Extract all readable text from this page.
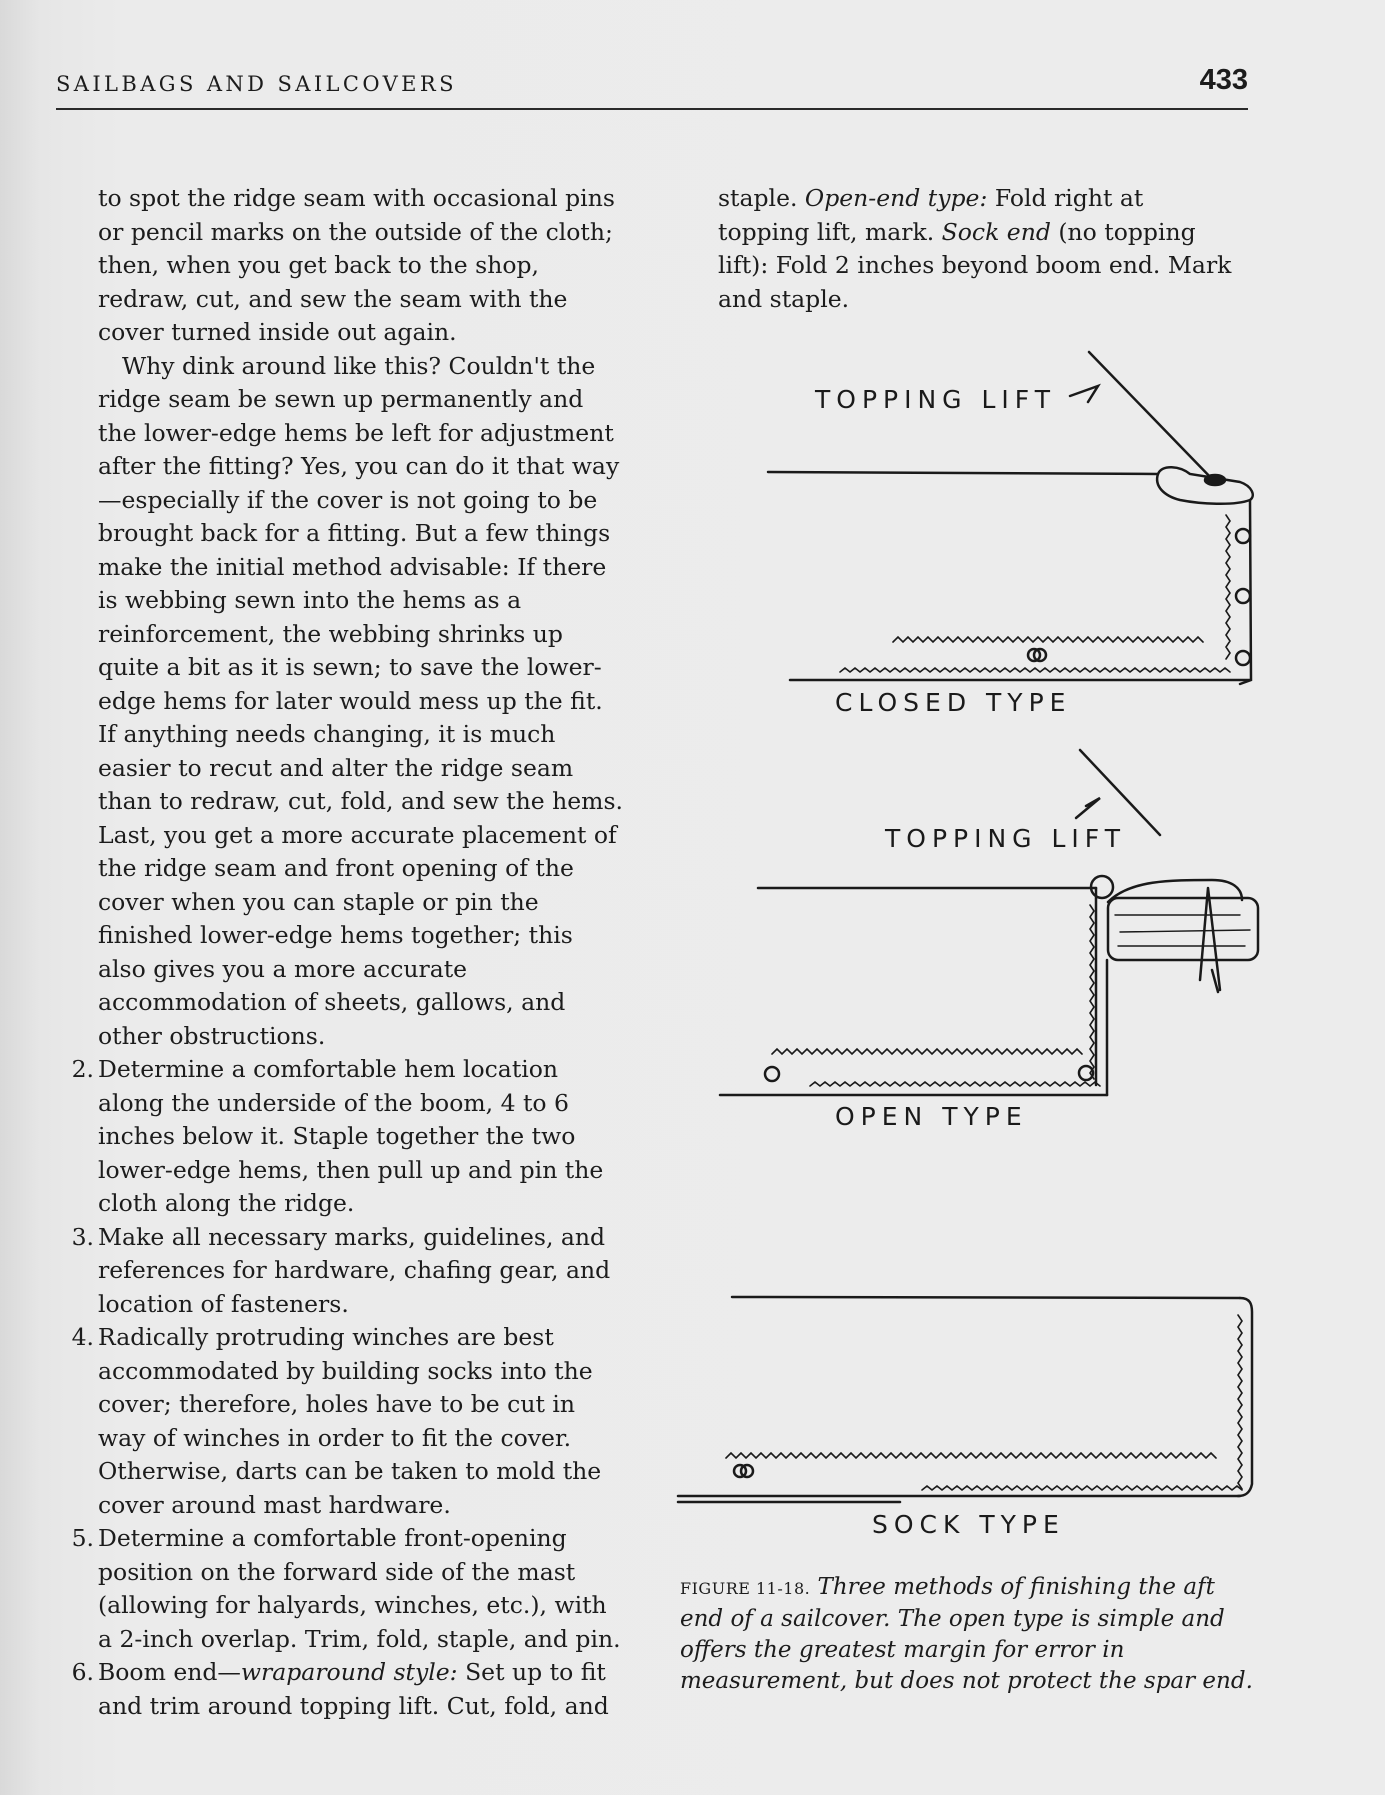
SAILBAGS AND SAILCOVERS	433

to spot the ridge seam with occasional pins or pencil marks on the outside of the cloth; then, when you get back to the shop, redraw, cut, and sew the seam with the cover turned inside out again.

Why dink around like this? Couldn't the ridge seam be sewn up permanently and the lower-edge hems be left for adjustment after the fitting? Yes, you can do it that way—especially if the cover is not going to be brought back for a fitting. But a few things make the initial method advisable: If there is webbing sewn into the hems as a reinforcement, the webbing shrinks up quite a bit as it is sewn; to save the lower-edge hems for later would mess up the fit. If anything needs changing, it is much easier to recut and alter the ridge seam than to redraw, cut, fold, and sew the hems. Last, you get a more accurate placement of the ridge seam and front opening of the cover when you can staple or pin the finished lower-edge hems together; this also gives you a more accurate accommodation of sheets, gallows, and other obstructions.

2. Determine a comfortable hem location along the underside of the boom, 4 to 6 inches below it. Staple together the two lower-edge hems, then pull up and pin the cloth along the ridge.

3. Make all necessary marks, guidelines, and references for hardware, chafing gear, and location of fasteners.

4. Radically protruding winches are best accommodated by building socks into the cover; therefore, holes have to be cut in way of winches in order to fit the cover. Otherwise, darts can be taken to mold the cover around mast hardware.

5. Determine a comfortable front-opening position on the forward side of the mast (allowing for halyards, winches, etc.), with a 2-inch overlap. Trim, fold, staple, and pin.

6. Boom end—wraparound style: Set up to fit and trim around topping lift. Cut, fold, and

staple. Open-end type: Fold right at topping lift, mark. Sock end (no topping lift): Fold 2 inches beyond boom end. Mark and staple.

TOPPING LIFT
CLOSED TYPE
TOPPING LIFT
OPEN TYPE
SOCK TYPE
FIGURE 11-18. Three methods of finishing the aft end of a sailcover. The open type is simple and offers the greatest margin for error in measurement, but does not protect the spar end.
